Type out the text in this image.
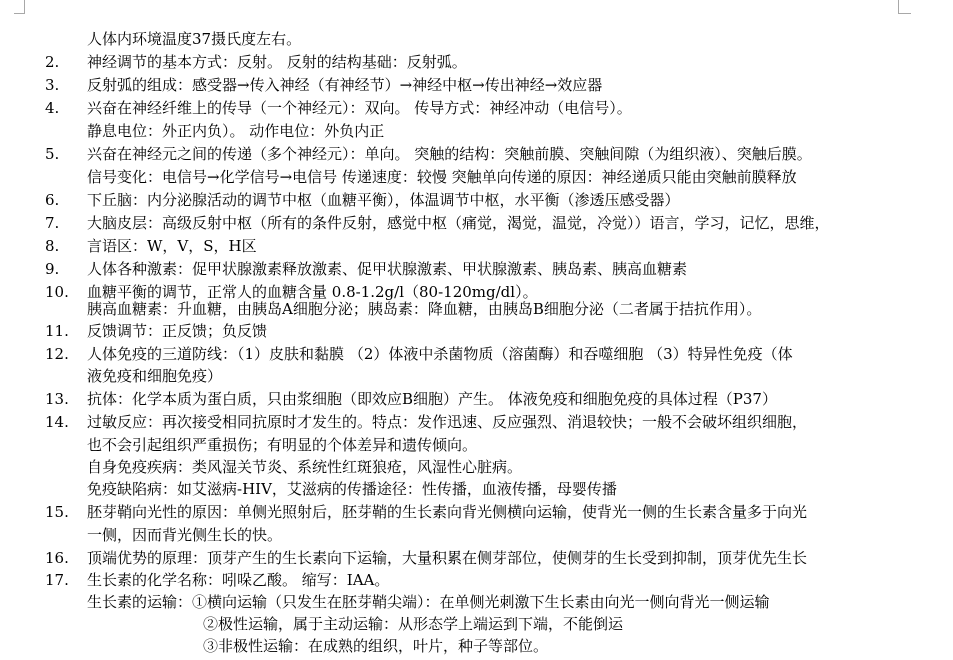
人体内环境温度37摄氏度左右。
2.	神经调节的基本方式：反射。 反射的结构基础：反射弧。
3.	反射弧的组成：感受器→传入神经（有神经节）→神经中枢→传出神经→效应器
4.	兴奋在神经纤维上的传导（一个神经元）：双向。 传导方式：神经冲动（电信号）。
静息电位：外正内负）。 动作电位：外负内正
5.	兴奋在神经元之间的传递（多个神经元）：单向。 突触的结构：突触前膜、突触间隙（为组织液）、突触后膜。
信号变化：电信号→化学信号→电信号 传递速度：较慢 突触单向传递的原因：神经递质只能由突触前膜释放
6.	下丘脑：内分泌腺活动的调节中枢（血糖平衡），体温调节中枢，水平衡（渗透压感受器）
7.	大脑皮层：高级反射中枢（所有的条件反射，感觉中枢（痛觉，渴觉，温觉，冷觉））语言，学习，记忆，思维，
8.	言语区：W，V，S，H区
9.	人体各种激素：促甲状腺激素释放激素、促甲状腺激素、甲状腺激素、胰岛素、胰高血糖素
10.	血糖平衡的调节，正常人的血糖含量 0.8-1.2g/l（80-120mg/dl）。
胰高血糖素：升血糖，由胰岛A细胞分泌；胰岛素：降血糖，由胰岛B细胞分泌（二者属于拮抗作用）。
11.	反馈调节：正反馈；负反馈
12.	人体免疫的三道防线：（1）皮肤和黏膜 （2）体液中杀菌物质（溶菌酶）和吞噬细胞 （3）特异性免疫（体
液免疫和细胞免疫）
13.	抗体：化学本质为蛋白质，只由浆细胞（即效应B细胞）产生。 体液免疫和细胞免疫的具体过程（P37）
14.	过敏反应：再次接受相同抗原时才发生的。特点：发作迅速、反应强烈、消退较快；一般不会破坏组织细胞，
也不会引起组织严重损伤；有明显的个体差异和遗传倾向。
自身免疫疾病：类风湿关节炎、系统性红斑狼疮，风湿性心脏病。
免疫缺陷病：如艾滋病-HIV，艾滋病的传播途径：性传播，血液传播，母婴传播
15.	胚芽鞘向光性的原因：单侧光照射后，胚芽鞘的生长素向背光侧横向运输，使背光一侧的生长素含量多于向光
一侧，因而背光侧生长的快。
16.	顶端优势的原理：顶芽产生的生长素向下运输，大量积累在侧芽部位，使侧芽的生长受到抑制，顶芽优先生长
17.	生长素的化学名称：吲哚乙酸。 缩写：IAA。
生长素的运输：①横向运输（只发生在胚芽鞘尖端）：在单侧光刺激下生长素由向光一侧向背光一侧运输
②极性运输，属于主动运输：从形态学上端运到下端，不能倒运
③非极性运输：在成熟的组织，叶片，种子等部位。
